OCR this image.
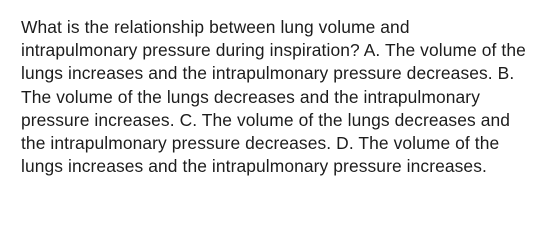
What is the relationship between lung volume and
intrapulmonary pressure during inspiration? A. The volume of the
lungs increases and the intrapulmonary pressure decreases. B.
The volume of the lungs decreases and the intrapulmonary
pressure increases. C. The volume of the lungs decreases and
the intrapulmonary pressure decreases. D. The volume of the
lungs increases and the intrapulmonary pressure increases.
